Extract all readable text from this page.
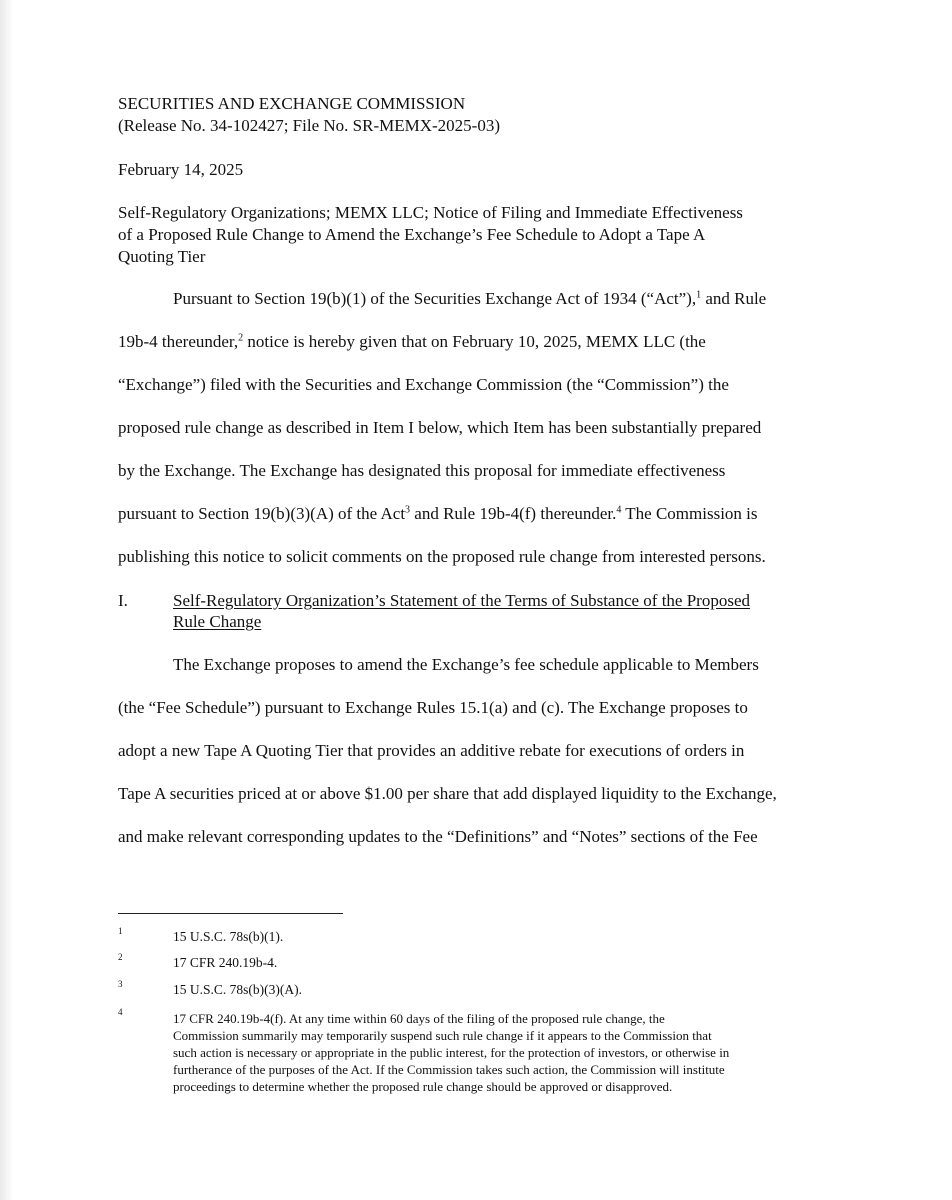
SECURITIES AND EXCHANGE COMMISSION
(Release No. 34-102427; File No. SR-MEMX-2025-03)
February 14, 2025
Self-Regulatory Organizations; MEMX LLC; Notice of Filing and Immediate Effectiveness
of a Proposed Rule Change to Amend the Exchange’s Fee Schedule to Adopt a Tape A
Quoting Tier
Pursuant to Section 19(b)(1) of the Securities Exchange Act of 1934 (“Act”),$^1$ and Rule
19b-4 thereunder,$^2$ notice is hereby given that on February 10, 2025, MEMX LLC (the
“Exchange”) filed with the Securities and Exchange Commission (the “Commission”) the
proposed rule change as described in Item I below, which Item has been substantially prepared
by the Exchange. The Exchange has designated this proposal for immediate effectiveness
pursuant to Section 19(b)(3)(A) of the Act$^3$ and Rule 19b-4(f) thereunder.$^4$ The Commission is
publishing this notice to solicit comments on the proposed rule change from interested persons.
I.	Self-Regulatory Organization’s Statement of the Terms of Substance of the Proposed
Rule Change
The Exchange proposes to amend the Exchange’s fee schedule applicable to Members
(the “Fee Schedule”) pursuant to Exchange Rules 15.1(a) and (c). The Exchange proposes to
adopt a new Tape A Quoting Tier that provides an additive rebate for executions of orders in
Tape A securities priced at or above $1.00 per share that add displayed liquidity to the Exchange,
and make relevant corresponding updates to the “Definitions” and “Notes” sections of the Fee
1	15 U.S.C. 78s(b)(1).
2	17 CFR 240.19b-4.
3	15 U.S.C. 78s(b)(3)(A).
4	17 CFR 240.19b-4(f). At any time within 60 days of the filing of the proposed rule change, the
Commission summarily may temporarily suspend such rule change if it appears to the Commission that
such action is necessary or appropriate in the public interest, for the protection of investors, or otherwise in
furtherance of the purposes of the Act. If the Commission takes such action, the Commission will institute
proceedings to determine whether the proposed rule change should be approved or disapproved.
